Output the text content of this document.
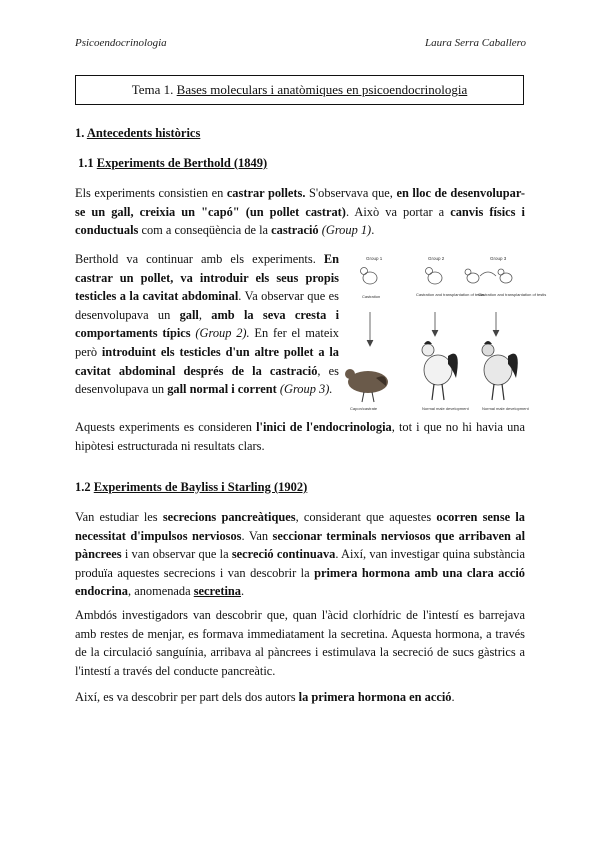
Psicoendocrinologia	Laura Serra Caballero
Tema 1. Bases moleculars i anatòmiques en psicoendocrinologia
1. Antecedents històrics
1.1 Experiments de Berthold (1849)
Els experiments consistien en castrar pollets. S'observava que, en lloc de desenvolupar-se un gall, creixia un "capó" (un pollet castrat). Això va portar a canvis físics i conductuals com a conseqüència de la castració (Group 1).
Berthold va continuar amb els experiments. En castrar un pollet, va introduir els seus propis testicles a la cavitat abdominal. Va observar que es desenvolupava un gall, amb la seva cresta i comportaments típics (Group 2). En fer el mateix però introduint els testicles d'un altre pollet a la cavitat abdominal després de la castració, es desenvolupava un gall normal i corrent (Group 3).
Group 1	Group 2	Group 3
Castration	Castration and transplantation of testis
Castration and transplantation of testis
Capon/castrate	Normal male development	Normal male development
Aquests experiments es consideren l'inici de l'endocrinologia, tot i que no hi havia una hipòtesi estructurada ni resultats clars.
1.2 Experiments de Bayliss i Starling (1902)
Van estudiar les secrecions pancreàtiques, considerant que aquestes ocorren sense la necessitat d'impulsos nerviosos. Van seccionar terminals nerviosos que arribaven al pàncrees i van observar que la secreció continuava. Així, van investigar quina substància produïa aquestes secrecions i van descobrir la primera hormona amb una clara acció endocrina, anomenada secretina.
Ambdós investigadors van descobrir que, quan l'àcid clorhídric de l'intestí es barrejava amb restes de menjar, es formava immediatament la secretina. Aquesta hormona, a través de la circulació sanguínia, arribava al pàncrees i estimulava la secreció de sucs gàstrics a l'intestí a través del conducte pancreàtic.
Així, es va descobrir per part dels dos autors la primera hormona en acció.
